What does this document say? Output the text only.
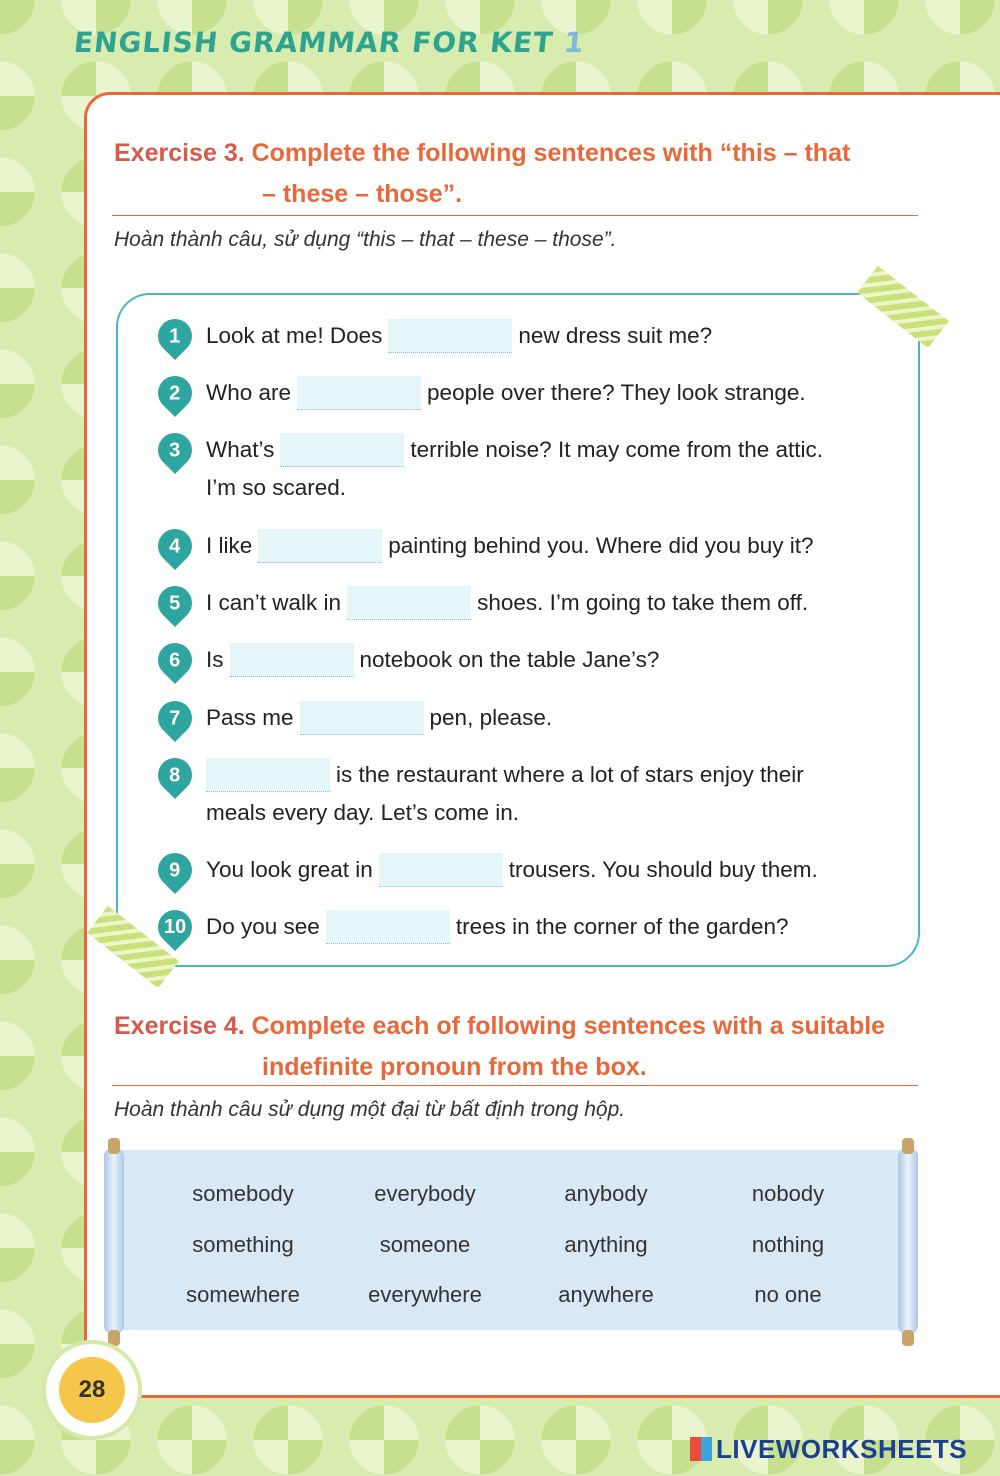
ENGLISH GRAMMAR FOR KET 1
Exercise 3. Complete the following sentences with “this – that
– these – those”.
Hoàn thành câu, sử dụng “this – that – these – those”.
1 Look at me! Does	new dress suit me?
2 Who are	people over there? They look strange.
3 What’s	terrible noise? It may come from the attic.
I’m so scared.
4 I like	painting behind you. Where did you buy it?
5 I can’t walk in	shoes. I’m going to take them off.
6 Is	notebook on the table Jane’s?
7 Pass me	pen, please.
8	is the restaurant where a lot of stars enjoy their
meals every day. Let’s come in.
9 You look great in	trousers. You should buy them.
10 Do you see	trees in the corner of the garden?
Exercise 4. Complete each of following sentences with a suitable
indefinite pronoun from the box.
Hoàn thành câu sử dụng một đại từ bất định trong hộp.
somebody	everybody	anybody	nobody
something	someone	anything	nothing
somewhere	everywhere	anywhere	no one
28
LIVEWORKSHEETS
